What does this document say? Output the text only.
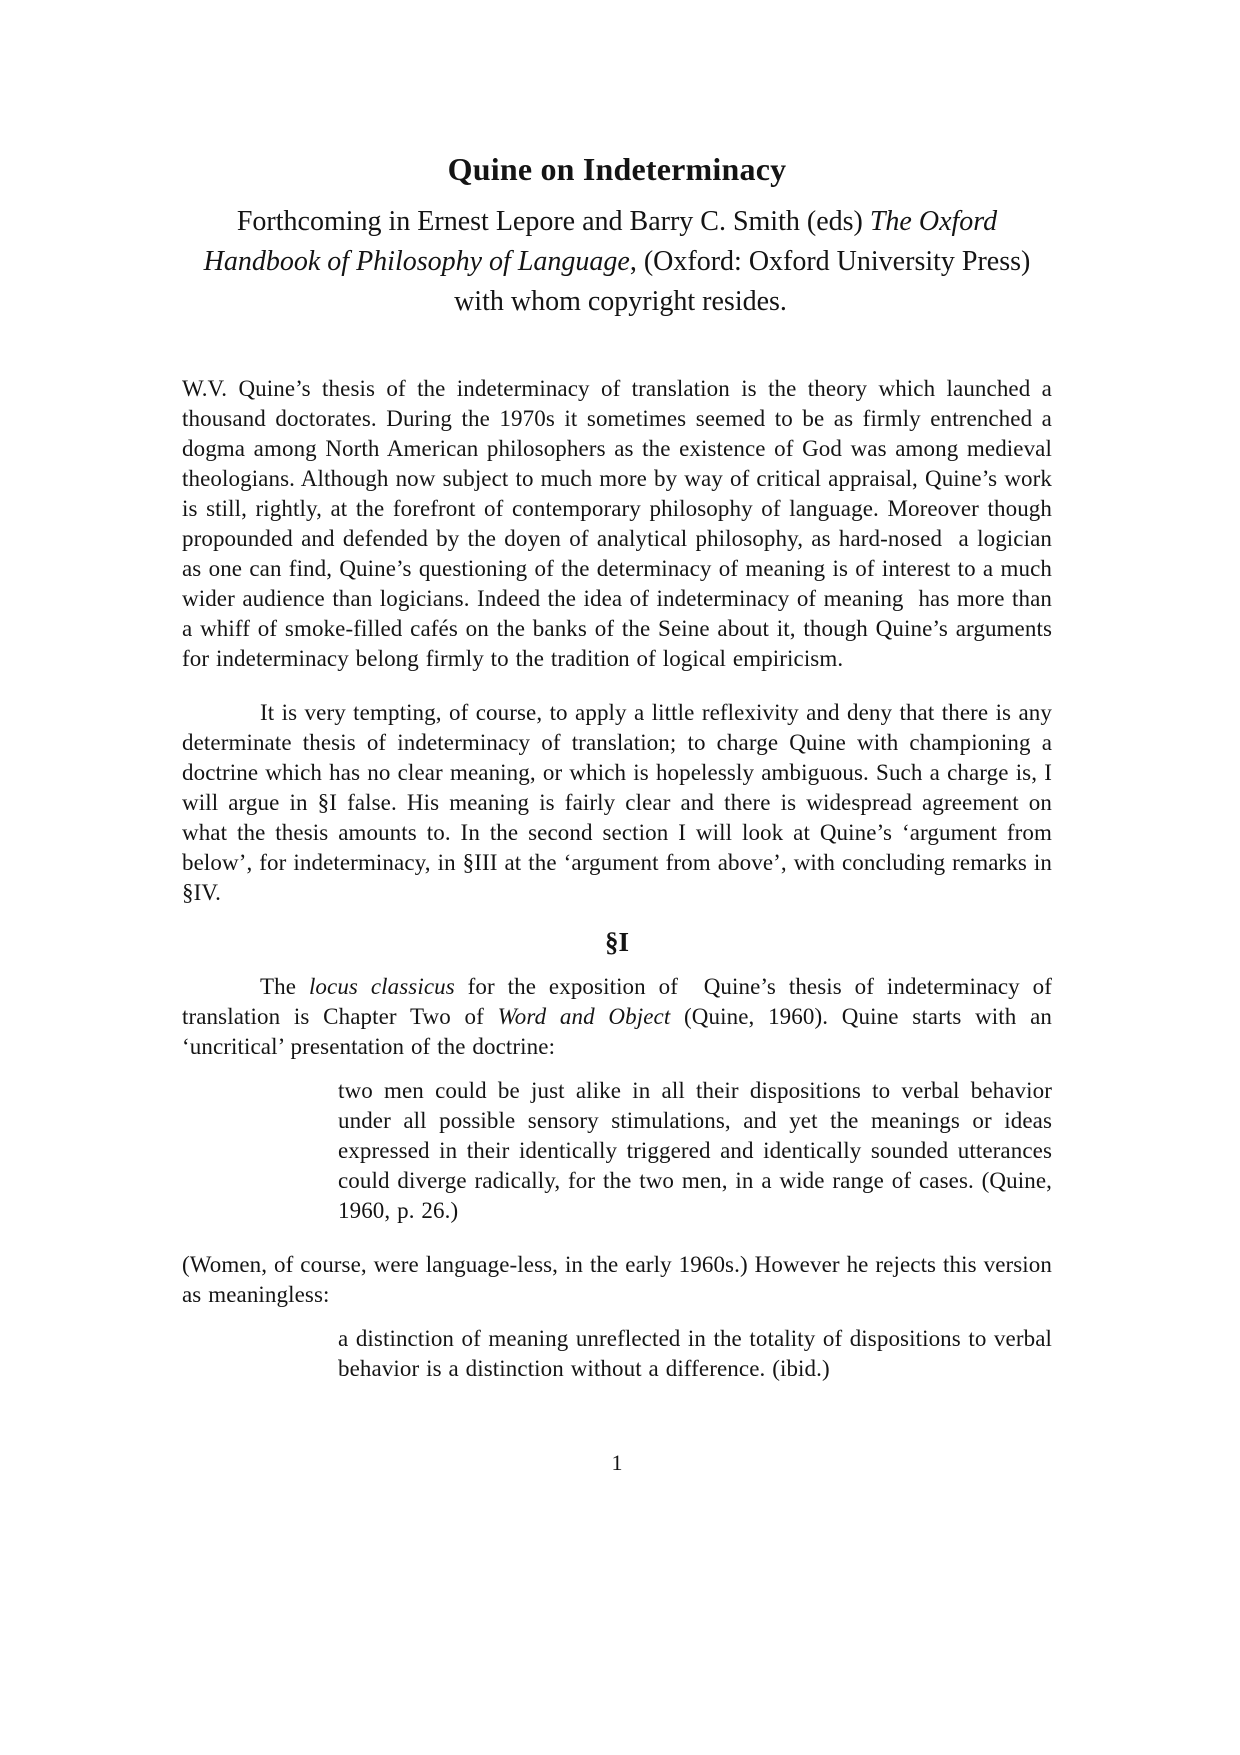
Quine on Indeterminacy

Forthcoming in Ernest Lepore and Barry C. Smith (eds) The Oxford Handbook of Philosophy of Language, (Oxford: Oxford University Press)  with whom copyright resides.

W.V. Quine’s thesis of the indeterminacy of translation is the theory which launched a thousand doctorates. During the 1970s it sometimes seemed to be as firmly entrenched a dogma among North American philosophers as the existence of God was among medieval theologians. Although now subject to much more by way of critical appraisal, Quine’s work is still, rightly, at the forefront of contemporary philosophy of language. Moreover though propounded and defended by the doyen of analytical philosophy, as hard-nosed  a logician as one can find, Quine’s questioning of the determinacy of meaning is of interest to a much wider audience than logicians. Indeed the idea of indeterminacy of meaning  has more than a whiff of smoke-filled cafés on the banks of the Seine about it, though Quine’s arguments for indeterminacy belong firmly to the tradition of logical empiricism.

It is very tempting, of course, to apply a little reflexivity and deny that there is any determinate thesis of indeterminacy of translation; to charge Quine with championing a doctrine which has no clear meaning, or which is hopelessly ambiguous. Such a charge is, I will argue in §I false. His meaning is fairly clear and there is widespread agreement on what the thesis amounts to. In the second section I will look at Quine’s ‘argument from below’, for indeterminacy, in §III at the ‘argument from above’, with concluding remarks in §IV.

§I

The locus classicus for the exposition of  Quine’s thesis of indeterminacy of translation is Chapter Two of Word and Object (Quine, 1960). Quine starts with an ‘uncritical’ presentation of the doctrine:

two men could be just alike in all their dispositions to verbal behavior under all possible sensory stimulations, and yet the meanings or ideas expressed in their identically triggered and identically sounded utterances could diverge radically, for the two men, in a wide range of cases. (Quine, 1960, p. 26.)

(Women, of course, were language-less, in the early 1960s.) However he rejects this version as meaningless:

a distinction of meaning unreflected in the totality of dispositions to verbal behavior is a distinction without a difference. (ibid.)
1
